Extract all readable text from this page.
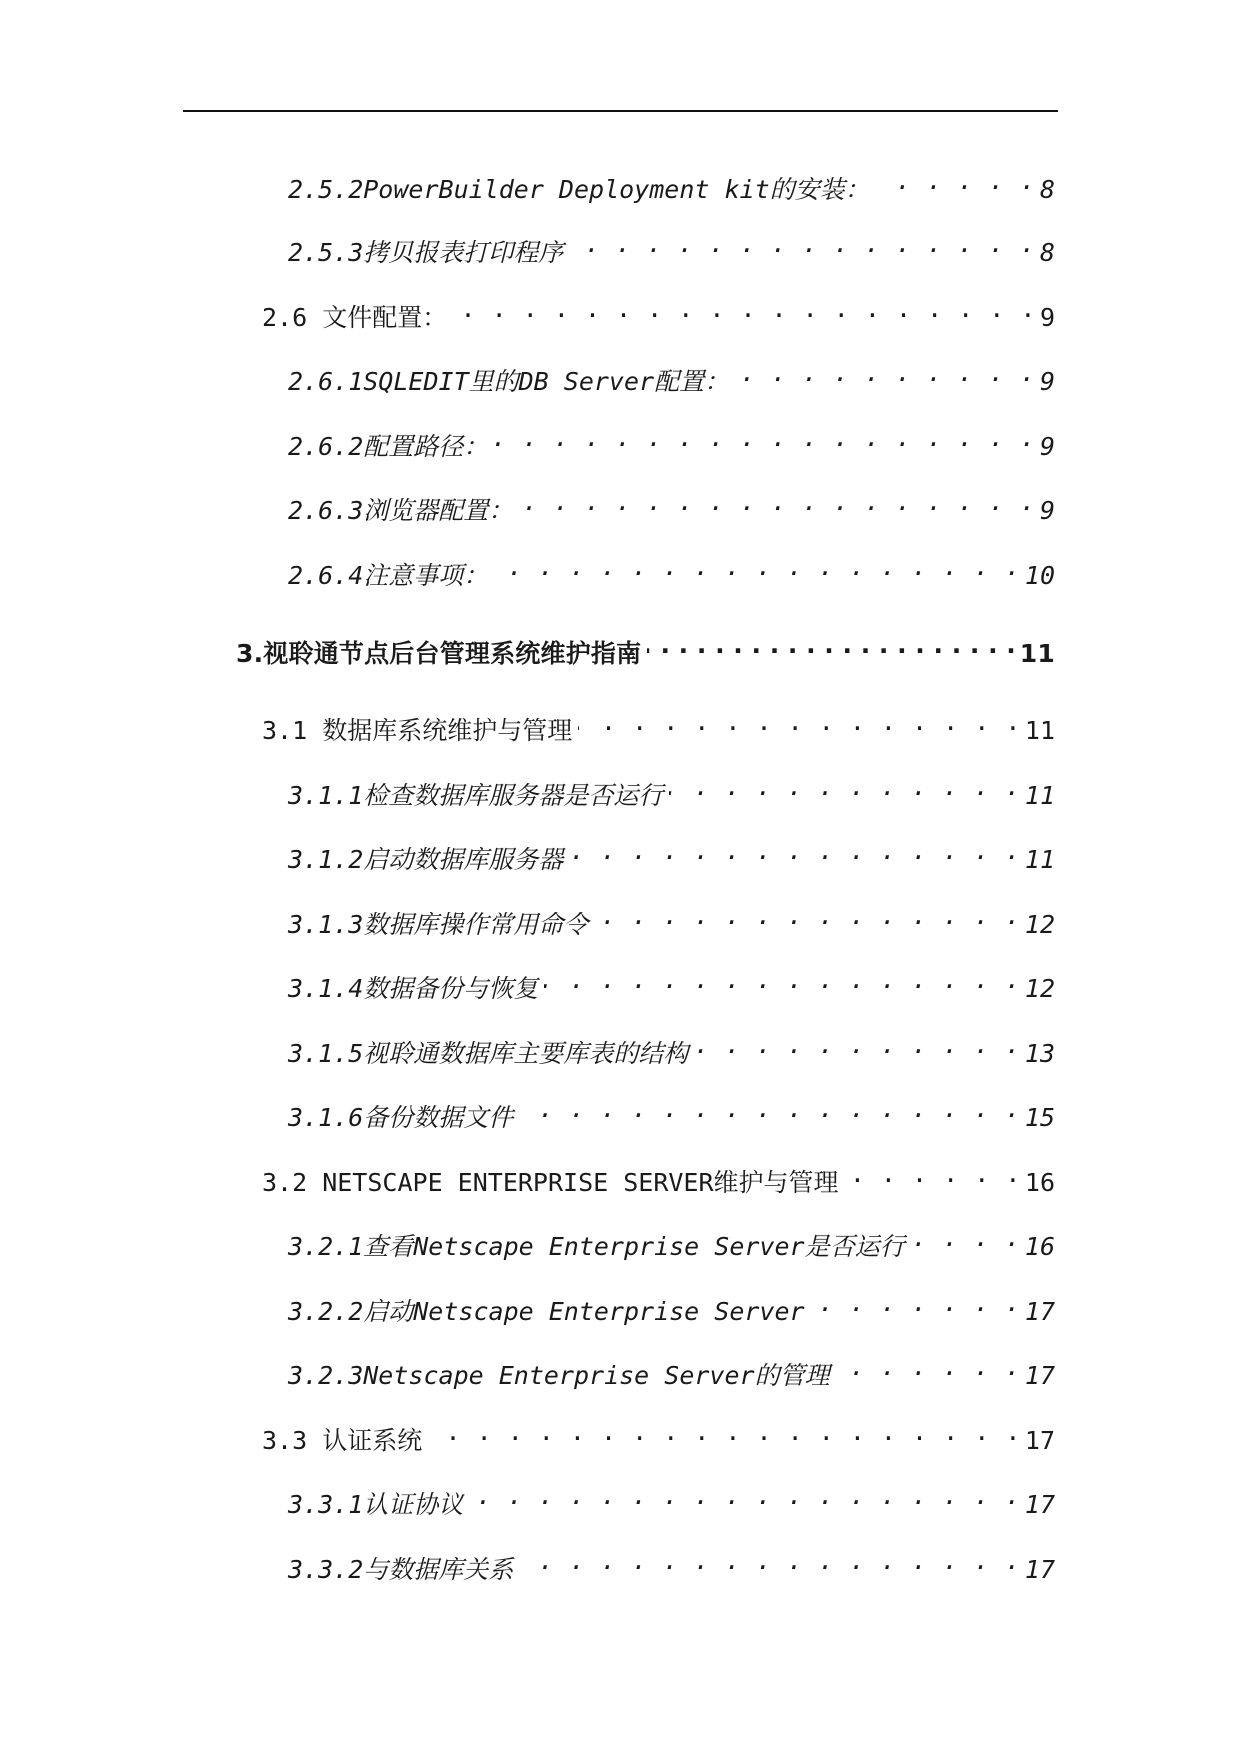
2.5.2PowerBuilder Deployment kit的安装： . . .	8
2.5.3拷贝报表打印程序 . . .	8
2.6 文件配置： . . .	9
2.6.1SQLEDIT里的DB Server配置： . . .	9
2.6.2配置路径： . . .	9
2.6.3浏览器配置： . . .	9
2.6.4注意事项： . . .	10
3.视聆通节点后台管理系统维护指南 . . .	11
3.1 数据库系统维护与管理 . . .	11
3.1.1检查数据库服务器是否运行 . . .	11
3.1.2启动数据库服务器 . . .	11
3.1.3数据库操作常用命令 . . .	12
3.1.4数据备份与恢复 . . .	12
3.1.5视聆通数据库主要库表的结构 . . .	13
3.1.6备份数据文件 . . .	15
3.2 NETSCAPE ENTERPRISE SERVER维护与管理 . . .	16
3.2.1查看Netscape Enterprise Server是否运行 . . .	16
3.2.2启动Netscape Enterprise Server . . .	17
3.2.3Netscape Enterprise Server的管理 . . .	17
3.3 认证系统 . . .	17
3.3.1认证协议 . . .	17
3.3.2与数据库关系 . . .	17
